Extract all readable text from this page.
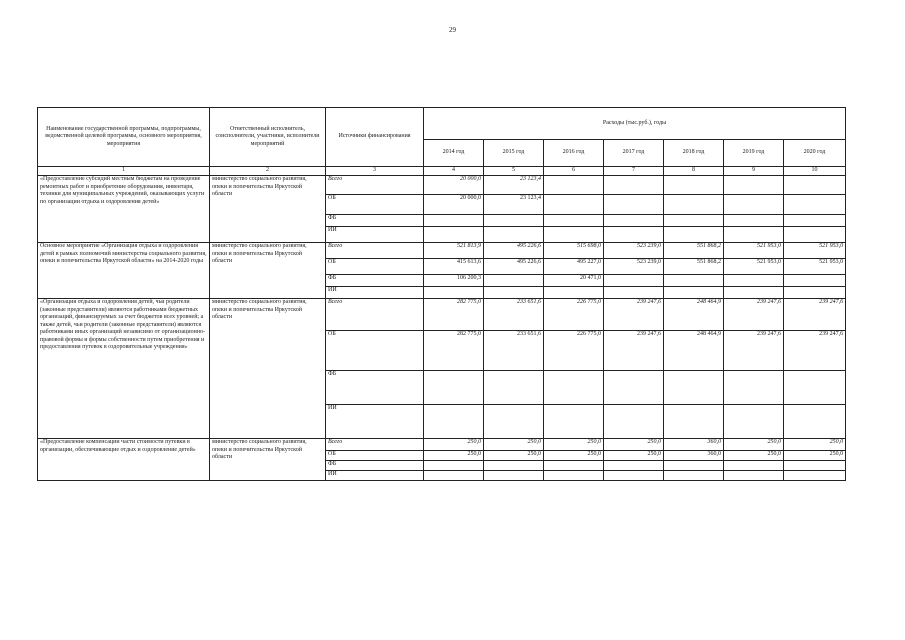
29
Наименование государственной программы, подпрограммы, ведомственной целевой программы, основного мероприятия, мероприятия	Ответственный исполнитель, соисполнители, участники, исполнители мероприятий	Источники финансирования	Расходы (тыс.руб.), годы						
			2014 год	2015 год	2016 год	2017 год	2018 год	2019 год	2020 год
1	2	3	4	5	6	7	8	9	10
«Предоставление субсидий местным бюджетам на проведение ремонтных работ и приобретение оборудования, инвентаря, техники для муниципальных учреждений, оказывающих услуги по организации отдыха и оздоровления детей»	министерство социального развития, опеки и попечительства Иркутской области	Всего	20 000,0	23 123,4					
		ОБ	20 000,0	23 123,4					
		ФБ							
		ИИ							
Основное мероприятие «Организация отдыха и оздоровления детей в рамках полномочий министерства социального развития, опеки и попечительства Иркутской области» на 2014-2020 годы	министерство социального развития, опеки и попечительства Иркутской области	Всего	521 813,9	495 226,6	515 698,0	523 239,0	551 868,2	521 953,0	521 953,0
		ОБ	415 613,6	495 226,6	495 227,0	523 239,0	551 868,2	521 953,0	521 953,0
		ФБ	106 200,3		20 471,0				
		ИИ							
«Организация отдыха и оздоровления детей, чьи родители (законные представители) являются работниками бюджетных организаций, финансируемых за счет бюджетов всех уровней; а также детей, чьи родители (законные представители) являются работниками иных организаций независимо от организационно-правовой формы и формы собственности путем приобретения и предоставления путевок в оздоровительные учреждения»	министерство социального развития, опеки и попечительства Иркутской области	Всего	282 775,0	233 651,6	226 775,0	239 247,6	248 464,9	239 247,6	239 247,6
		ОБ	282 775,0	233 651,6	226 775,0	239 247,6	248 464,9	239 247,6	239 247,6
		ФБ							
		ИИ							
«Предоставление компенсации части стоимости путевки в организации, обеспечивающие отдых и оздоровление детей»	министерство социального развития, опеки и попечительства Иркутской области	Всего	250,0	250,0	250,0	250,0	360,0	250,0	250,0
		ОБ	250,0	250,0	250,0	250,0	360,0	250,0	250,0
		ФБ							
		ИИ							
